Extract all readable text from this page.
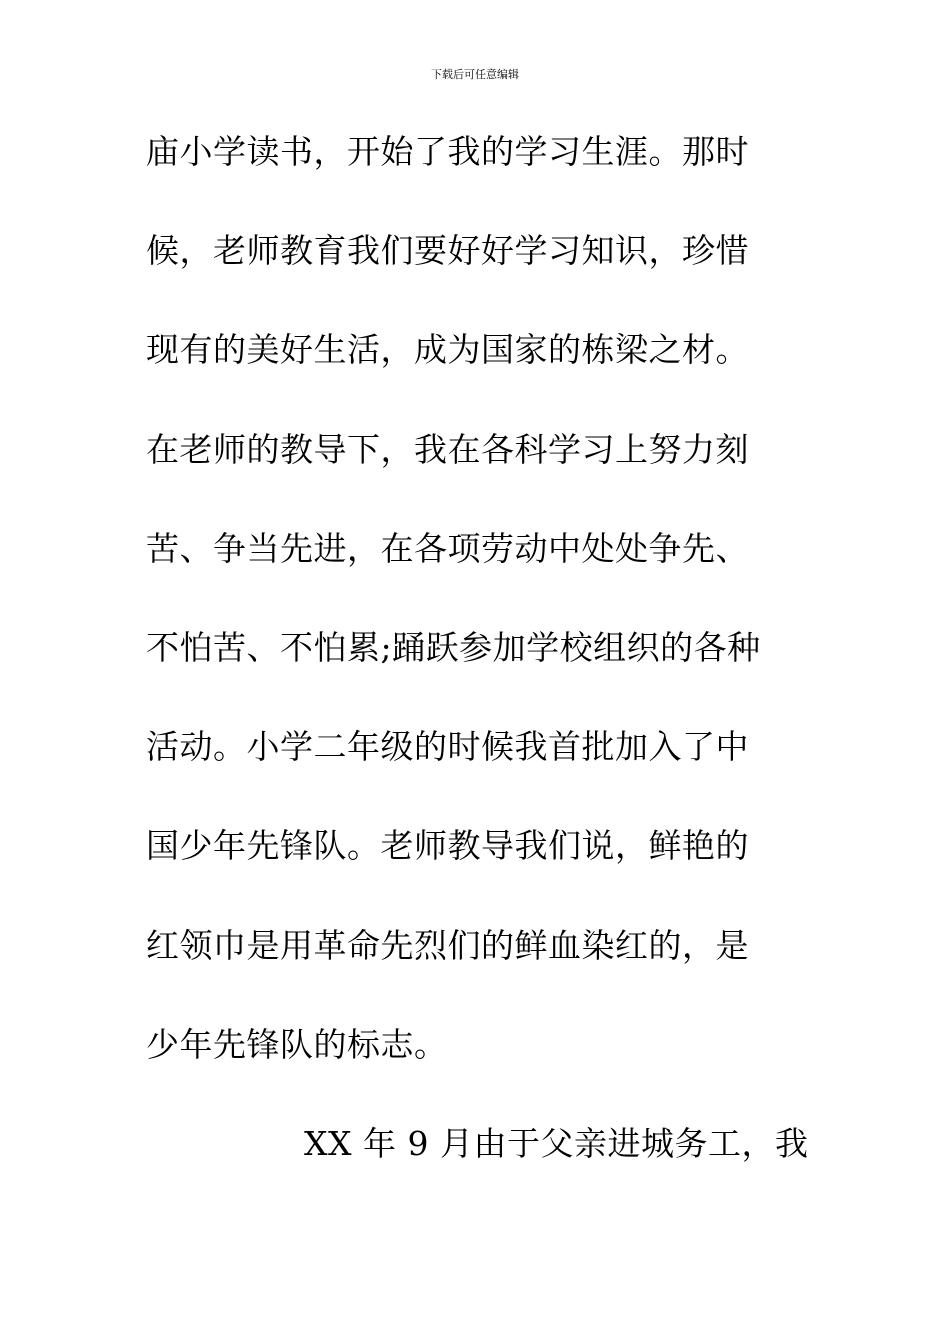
下载后可任意编辑
庙小学读书，开始了我的学习生涯。那时
候，老师教育我们要好好学习知识，珍惜
现有的美好生活，成为国家的栋梁之材。
在老师的教导下，我在各科学习上努力刻
苦、争当先进，在各项劳动中处处争先、
不怕苦、不怕累;踊跃参加学校组织的各种
活动。小学二年级的时候我首批加入了中
国少年先锋队。老师教导我们说，鲜艳的
红领巾是用革命先烈们的鲜血染红的，是
少年先锋队的标志。
XX 年 9 月由于父亲进城务工，我
